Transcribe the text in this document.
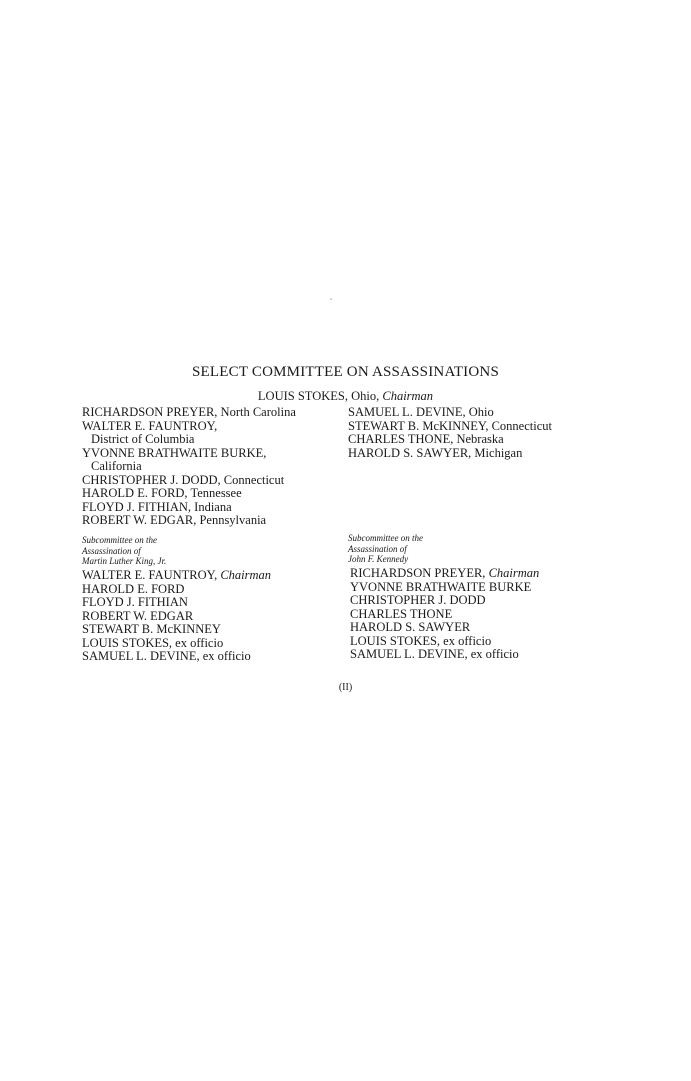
SELECT COMMITTEE ON ASSASSINATIONS
LOUIS STOKES, Ohio, Chairman
RICHARDSON PREYER, North Carolina
WALTER E. FAUNTROY,
District of Columbia
YVONNE BRATHWAITE BURKE,
California
CHRISTOPHER J. DODD, Connecticut
HAROLD E. FORD, Tennessee
FLOYD J. FITHIAN, Indiana
ROBERT W. EDGAR, Pennsylvania
SAMUEL L. DEVINE, Ohio
STEWART B. McKINNEY, Connecticut
CHARLES THONE, Nebraska
HAROLD S. SAWYER, Michigan
Subcommittee on the
Assassination of
Martin Luther King, Jr.
WALTER E. FAUNTROY, Chairman
HAROLD E. FORD
FLOYD J. FITHIAN
ROBERT W. EDGAR
STEWART B. McKINNEY
LOUIS STOKES, ex officio
SAMUEL L. DEVINE, ex officio
Subcommittee on the
Assassination of
John F. Kennedy
RICHARDSON PREYER, Chairman
YVONNE BRATHWAITE BURKE
CHRISTOPHER J. DODD
CHARLES THONE
HAROLD S. SAWYER
LOUIS STOKES, ex officio
SAMUEL L. DEVINE, ex officio
(II)
